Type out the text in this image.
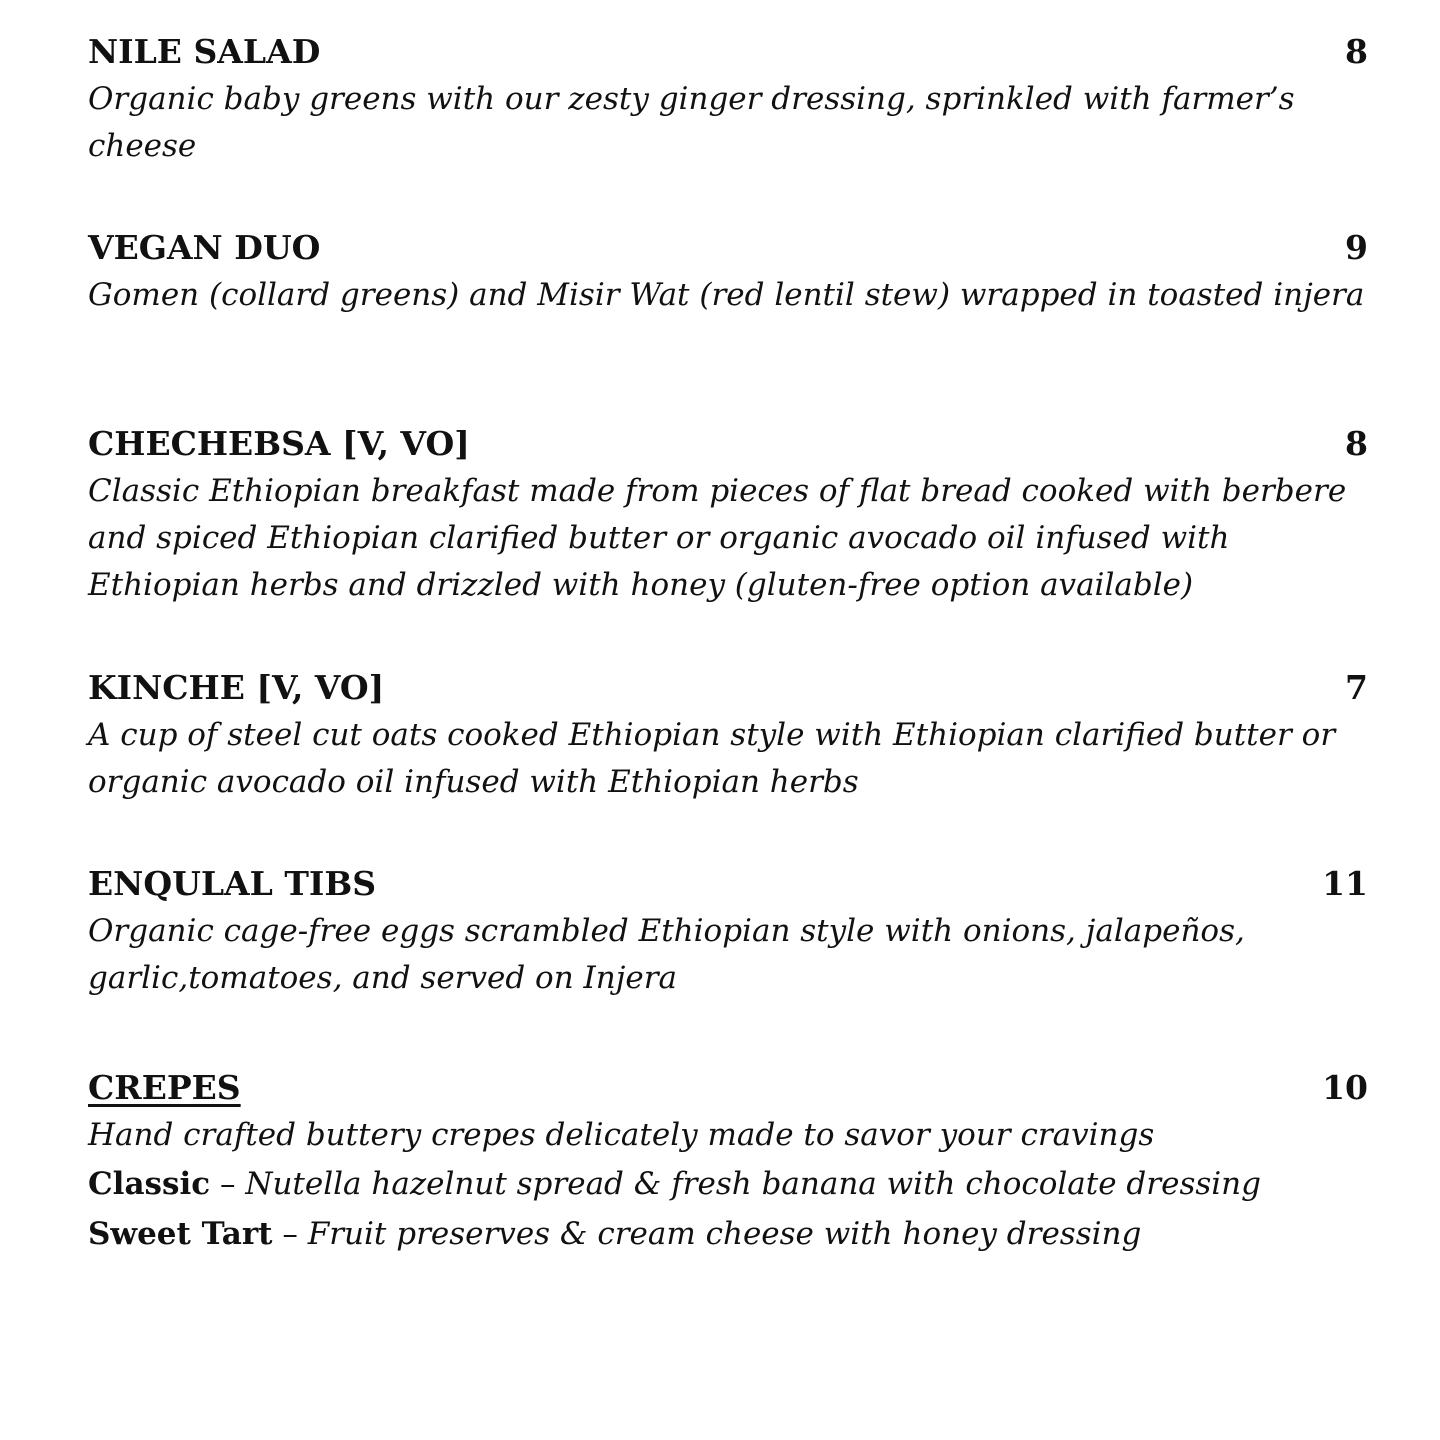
NILE SALAD	8

Organic baby greens with our zesty ginger dressing, sprinkled with farmer’s cheese

VEGAN DUO	9

Gomen (collard greens) and Misir Wat (red lentil stew) wrapped in toasted injera

CHECHEBSA [V, VO]	8

Classic Ethiopian breakfast made from pieces of flat bread cooked with berbere and spiced Ethiopian clarified butter or organic avocado oil infused with Ethiopian herbs and drizzled with honey (gluten-free option available)

KINCHE [V, VO]	7

A cup of steel cut oats cooked Ethiopian style with Ethiopian clarified butter or organic avocado oil infused with Ethiopian herbs

ENQULAL TIBS	11

Organic cage-free eggs scrambled Ethiopian style with onions, jalapeños, garlic,tomatoes, and served on Injera

CREPES	10

Hand crafted buttery crepes delicately made to savor your cravings

Classic – Nutella hazelnut spread & fresh banana with chocolate dressing

Sweet Tart – Fruit preserves & cream cheese with honey dressing
